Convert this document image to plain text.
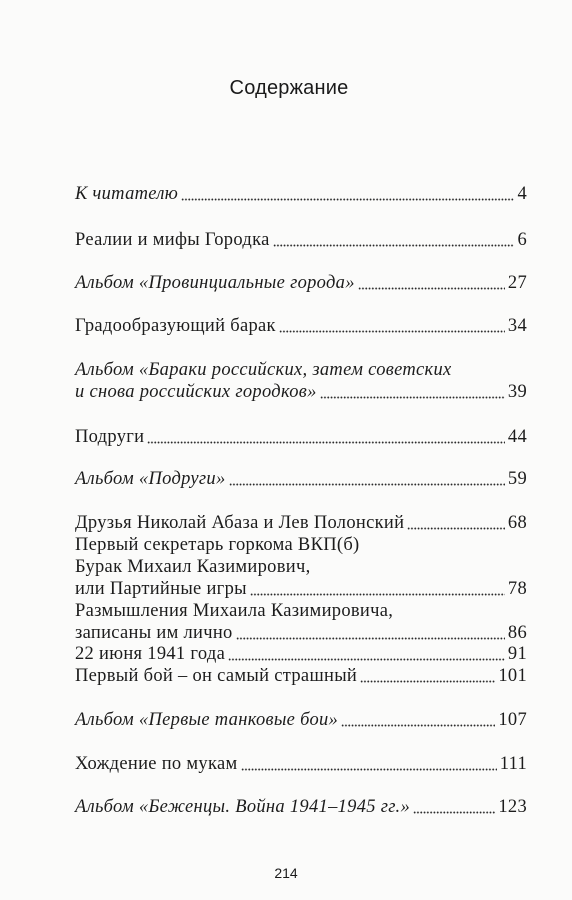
Содержание
К читателю	4
Реалии и мифы Городка	6
Альбом «Провинциальные города»	27
Градообразующий барак	34
Альбом «Бараки российских, затем советских
и снова российских городков»	39
Подруги	44
Альбом «Подруги»	59
Друзья Николай Абаза и Лев Полонский	68
Первый секретарь горкома ВКП(б)
Бурак Михаил Казимирович,
или Партийные игры	78
Размышления Михаила Казимировича,
записаны им лично	86
22 июня 1941 года	91
Первый бой – он самый страшный	101
Альбом «Первые танковые бои»	107
Хождение по мукам	111
Альбом «Беженцы. Война 1941–1945 гг.»	123
214
